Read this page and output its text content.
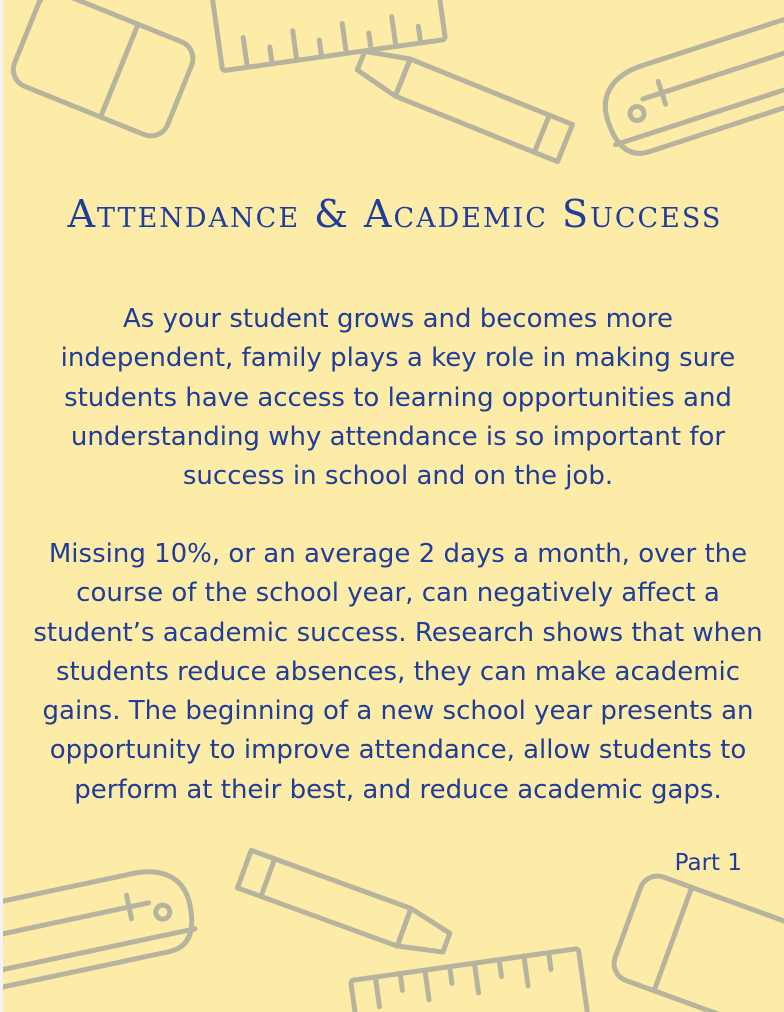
Attendance & Academic Success

As your student grows and becomes more independent, family plays a key role in making sure students have access to learning opportunities and understanding why attendance is so important for success in school and on the job.

Missing 10%, or an average 2 days a month, over the course of the school year, can negatively affect a student’s academic success. Research shows that when students reduce absences, they can make academic gains. The beginning of a new school year presents an opportunity to improve attendance, allow students to perform at their best, and reduce academic gaps.

Part 1
